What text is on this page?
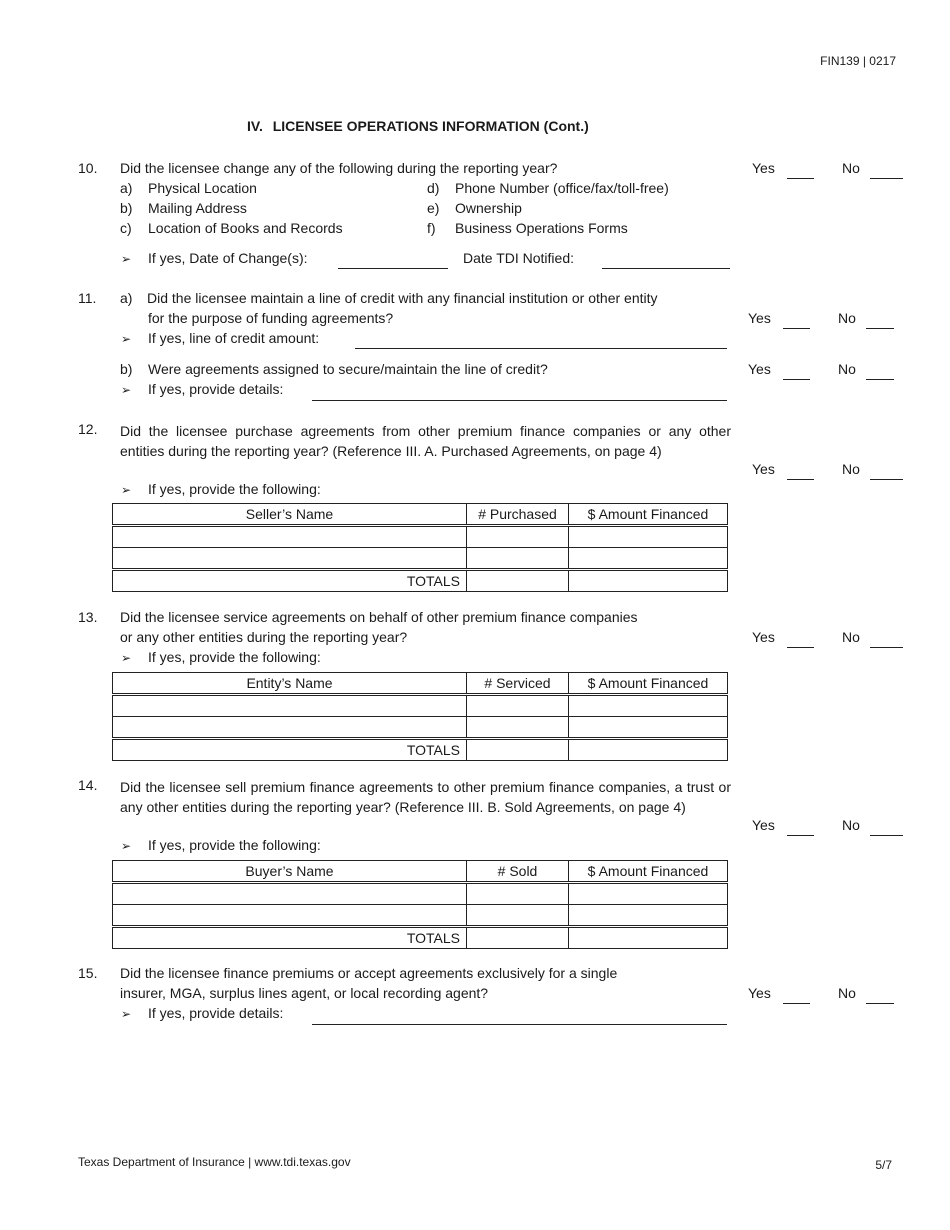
FIN139 | 0217
IV. LICENSEE OPERATIONS INFORMATION (Cont.)
10. Did the licensee change any of the following during the reporting year?
a) Physical Location
b) Mailing Address
c) Location of Books and Records
d) Phone Number (office/fax/toll-free)
e) Ownership
f) Business Operations Forms
➢ If yes, Date of Change(s):	Date TDI Notified:
Yes	No
11. a) Did the licensee maintain a line of credit with any financial institution or other entity
for the purpose of funding agreements?
➢ If yes, line of credit amount:
Yes	No
b) Were agreements assigned to secure/maintain the line of credit?
➢ If yes, provide details:
Yes	No
12. Did the licensee purchase agreements from other premium finance companies or any other entities during the reporting year? (Reference III. A. Purchased Agreements, on page 4)
➢ If yes, provide the following:
Yes	No
Seller’s Name	# Purchased	$ Amount Financed

TOTALS		
13. Did the licensee service agreements on behalf of other premium finance companies
or any other entities during the reporting year?
➢ If yes, provide the following:
Yes	No
Entity’s Name	# Serviced	$ Amount Financed

TOTALS		
14. Did the licensee sell premium finance agreements to other premium finance companies, a trust or any other entities during the reporting year? (Reference III. B. Sold Agreements, on page 4)
➢ If yes, provide the following:
Yes	No
Buyer’s Name	# Sold	$ Amount Financed

TOTALS		
15. Did the licensee finance premiums or accept agreements exclusively for a single
insurer, MGA, surplus lines agent, or local recording agent?
➢ If yes, provide details:
Yes	No
Texas Department of Insurance | www.tdi.texas.gov	5/7
